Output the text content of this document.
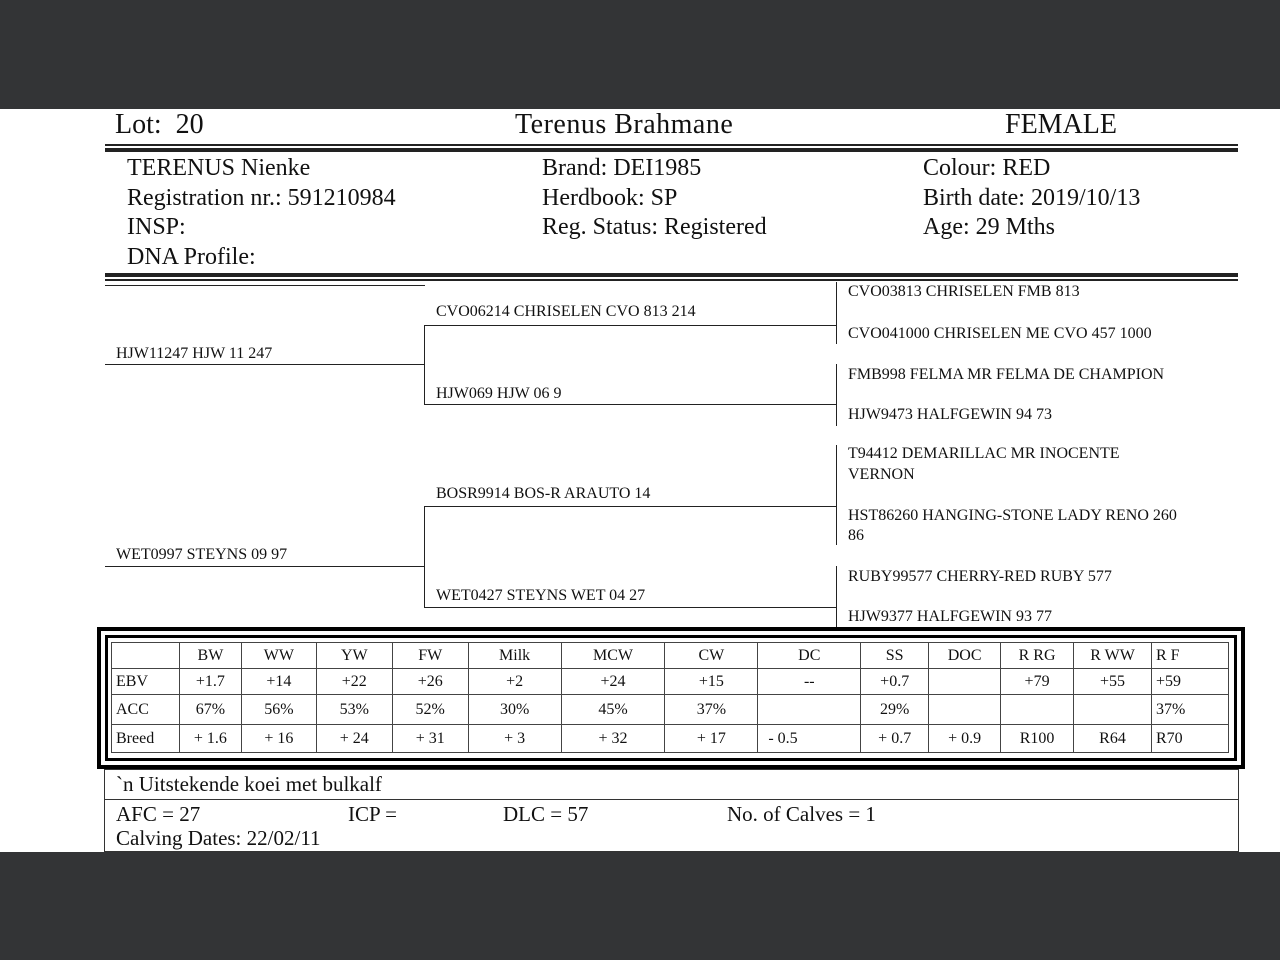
Lot: 20	Terenus Brahmane	FEMALE
TERENUS Nienke
Registration nr.: 591210984
INSP:
DNA Profile:
Brand: DEI1985
Herdbook: SP
Reg. Status: Registered
Colour: RED
Birth date: 2019/10/13
Age: 29 Mths
HJW11247 HJW 11 247
WET0997 STEYNS 09 97
CVO06214 CHRISELEN CVO 813 214
HJW069 HJW 06 9
BOSR9914 BOS-R ARAUTO 14
WET0427 STEYNS WET 04 27
CVO03813 CHRISELEN FMB 813
CVO041000 CHRISELEN ME CVO 457 1000
FMB998 FELMA MR FELMA DE CHAMPION
HJW9473 HALFGEWIN 94 73
T94412 DEMARILLAC MR INOCENTE
VERNON
HST86260 HANGING-STONE LADY RENO 260
86
RUBY99577 CHERRY-RED RUBY 577
HJW9377 HALFGEWIN 93 77
	BW	WW	YW	FW	Milk	MCW	CW	DC	SS	DOC	R RG	R WW	R F
EBV	+1.7	+14	+22	+26	+2	+24	+15	--	+0.7		+79	+55	+59
ACC	67%	56%	53%	52%	30%	45%	37%		29%				37%
Breed	+ 1.6	+ 16	+ 24	+ 31	+ 3	+ 32	+ 17	- 0.5	+ 0.7	+ 0.9	R100	R64	R70
`n Uitstekende koei met bulkalf
AFC = 27	ICP =	DLC = 57	No. of Calves = 1
Calving Dates: 22/02/11
